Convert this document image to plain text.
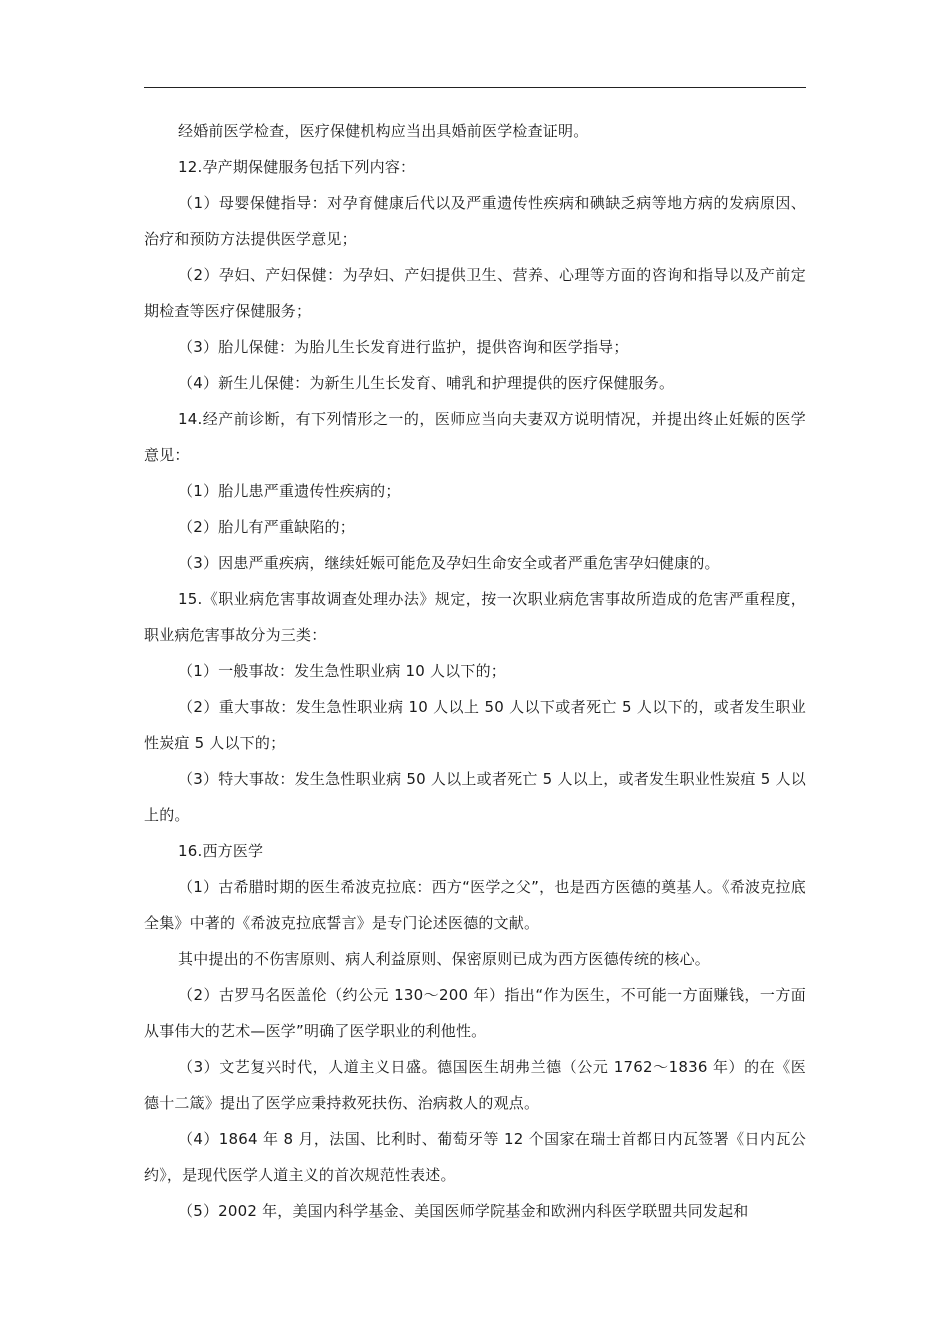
经婚前医学检查，医疗保健机构应当出具婚前医学检查证明。

12.孕产期保健服务包括下列内容：

（1）母婴保健指导：对孕育健康后代以及严重遗传性疾病和碘缺乏病等地方病的发病原因、治疗和预防方法提供医学意见；

（2）孕妇、产妇保健：为孕妇、产妇提供卫生、营养、心理等方面的咨询和指导以及产前定期检查等医疗保健服务；

（3）胎儿保健：为胎儿生长发育进行监护，提供咨询和医学指导；

（4）新生儿保健：为新生儿生长发育、哺乳和护理提供的医疗保健服务。

14.经产前诊断，有下列情形之一的，医师应当向夫妻双方说明情况，并提出终止妊娠的医学意见：

（1）胎儿患严重遗传性疾病的；

（2）胎儿有严重缺陷的；

（3）因患严重疾病，继续妊娠可能危及孕妇生命安全或者严重危害孕妇健康的。

15.《职业病危害事故调查处理办法》规定，按一次职业病危害事故所造成的危害严重程度，职业病危害事故分为三类：

（1）一般事故：发生急性职业病 10 人以下的；

（2）重大事故：发生急性职业病 10 人以上 50 人以下或者死亡 5 人以下的，或者发生职业性炭疽 5 人以下的；

（3）特大事故：发生急性职业病 50 人以上或者死亡 5 人以上，或者发生职业性炭疽 5 人以上的。

16.西方医学

（1）古希腊时期的医生希波克拉底：西方“医学之父”，也是西方医德的奠基人。《希波克拉底全集》中著的《希波克拉底誓言》是专门论述医德的文献。

其中提出的不伤害原则、病人利益原则、保密原则已成为西方医德传统的核心。

（2）古罗马名医盖伦（约公元 130～200 年）指出“作为医生，不可能一方面赚钱，一方面从事伟大的艺术—医学”明确了医学职业的利他性。

（3）文艺复兴时代，人道主义日盛。德国医生胡弗兰德（公元 1762～1836 年）的在《医德十二箴》提出了医学应秉持救死扶伤、治病救人的观点。

（4）1864 年 8 月，法国、比利时、葡萄牙等 12 个国家在瑞士首都日内瓦签署《日内瓦公约》，是现代医学人道主义的首次规范性表述。

（5）2002 年，美国内科学基金、美国医师学院基金和欧洲内科医学联盟共同发起和
